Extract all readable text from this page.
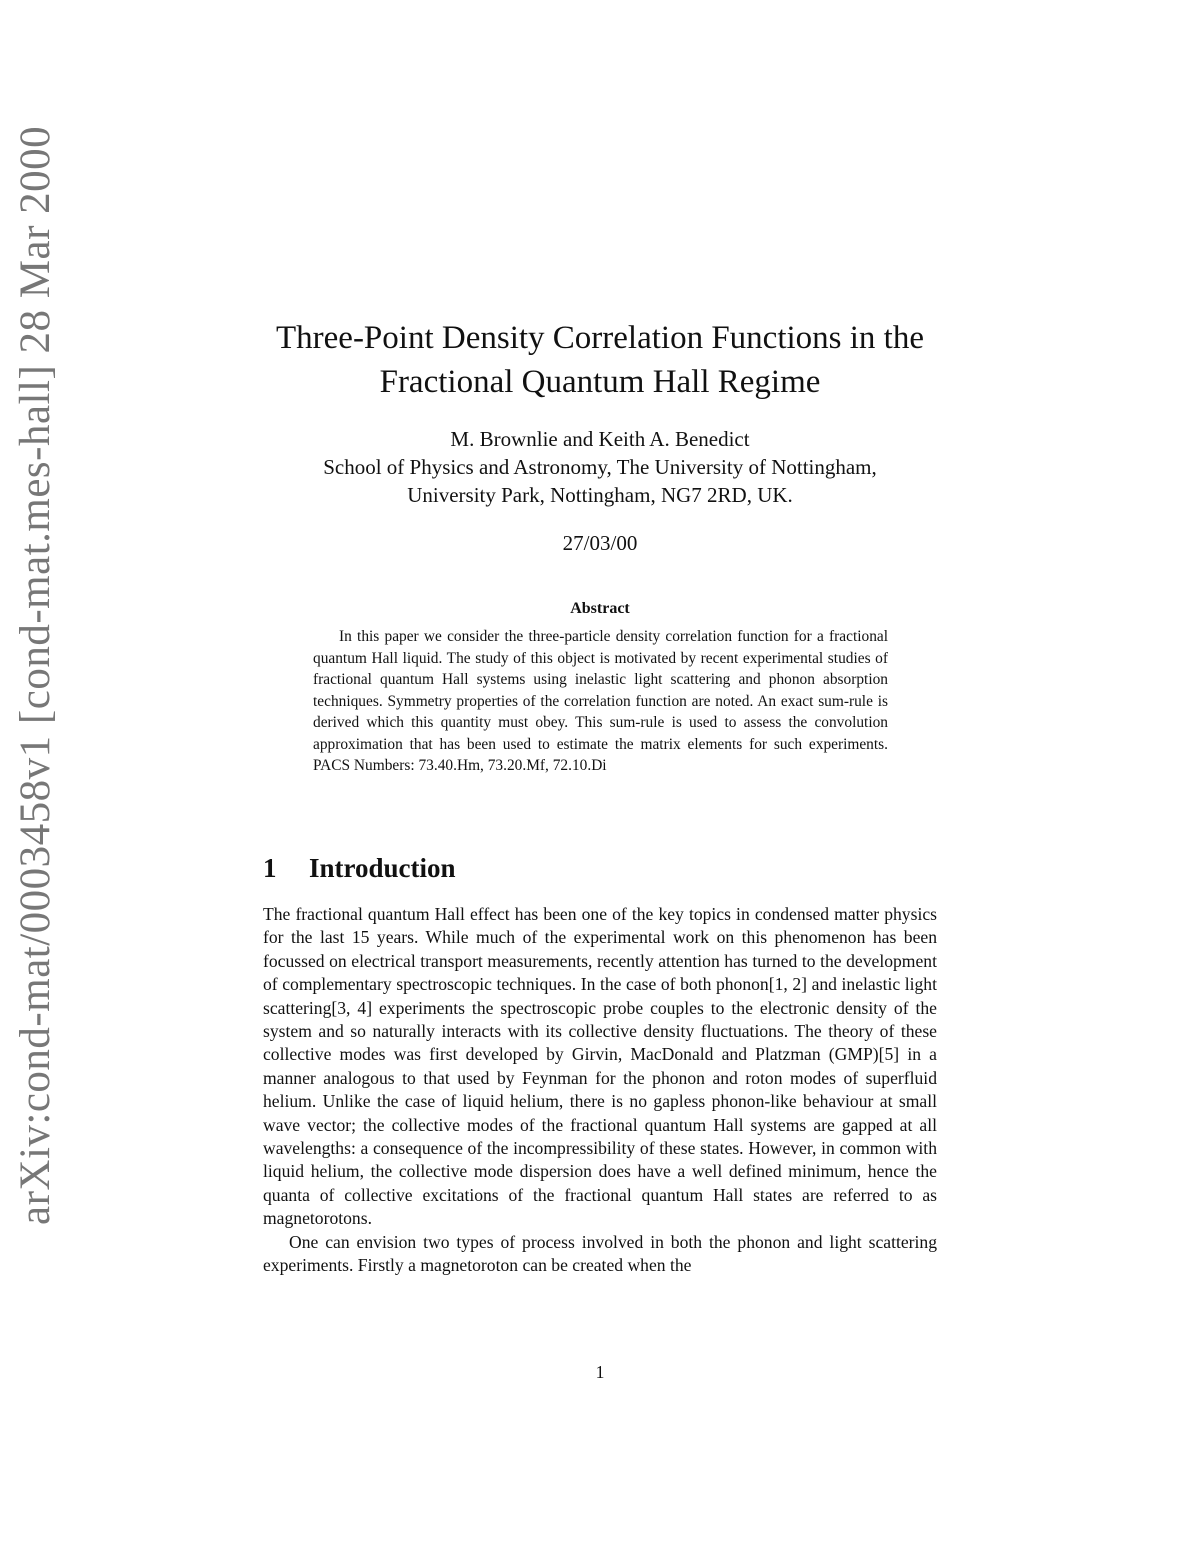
arXiv:cond-mat/0003458v1 [cond-mat.mes-hall] 28 Mar 2000	Three-Point Density Correlation Functions in the
Fractional Quantum Hall Regime
M. Brownlie and Keith A. Benedict
School of Physics and Astronomy, The University of Nottingham,
University Park, Nottingham, NG7 2RD, UK.
27/03/00
Abstract

In this paper we consider the three-particle density correlation function for a fractional quantum Hall liquid. The study of this object is motivated by recent experimental studies of fractional quantum Hall systems using inelastic light scattering and phonon absorption techniques. Symmetry properties of the correlation function are noted. An exact sum-rule is derived which this quantity must obey. This sum-rule is used to assess the convolution approximation that has been used to estimate the matrix elements for such experiments. PACS Numbers: 73.40.Hm, 73.20.Mf, 72.10.Di

1 Introduction

The fractional quantum Hall effect has been one of the key topics in condensed matter physics for the last 15 years. While much of the experimental work on this phenomenon has been focussed on electrical transport measurements, recently attention has turned to the development of complementary spectroscopic techniques. In the case of both phonon[1, 2] and inelastic light scattering[3, 4] experiments the spectroscopic probe couples to the electronic density of the system and so naturally interacts with its collective density fluctuations. The theory of these collective modes was first developed by Girvin, MacDonald and Platzman (GMP)[5] in a manner analogous to that used by Feynman for the phonon and roton modes of superfluid helium. Unlike the case of liquid helium, there is no gapless phonon-like behaviour at small wave vector; the collective modes of the fractional quantum Hall systems are gapped at all wavelengths: a consequence of the incompressibility of these states. However, in common with liquid helium, the collective mode dispersion does have a well defined minimum, hence the quanta of collective excitations of the fractional quantum Hall states are referred to as magnetorotons.

One can envision two types of process involved in both the phonon and light scattering experiments. Firstly a magnetoroton can be created when the

1
